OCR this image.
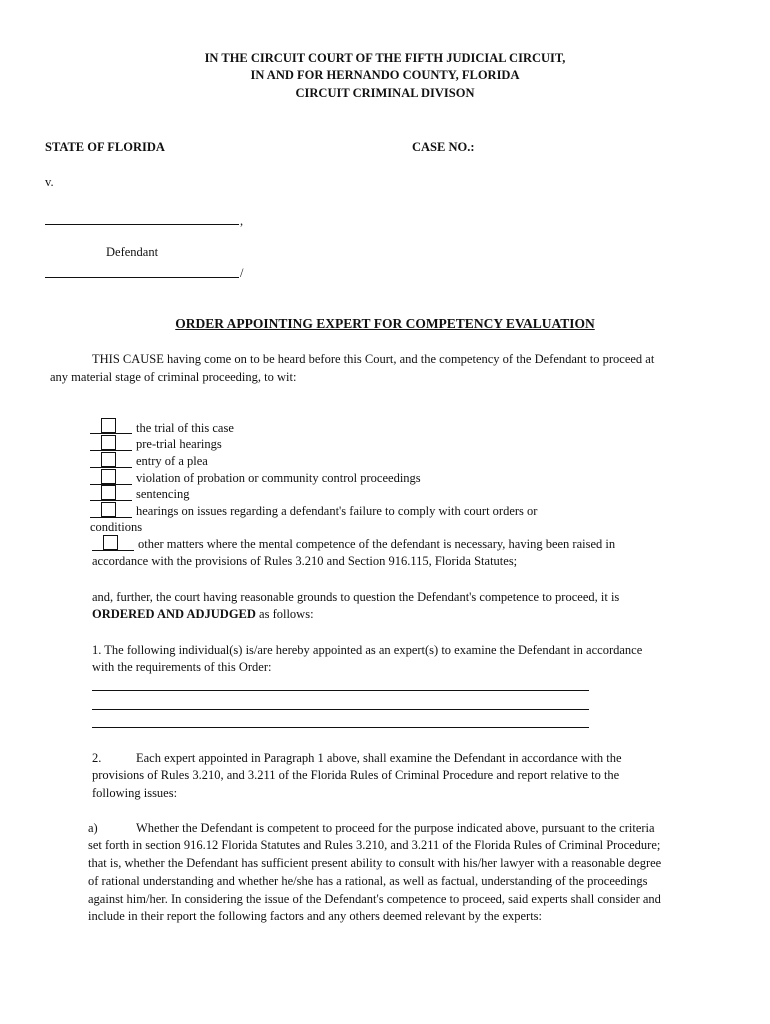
IN THE CIRCUIT COURT OF THE FIFTH JUDICIAL CIRCUIT,
IN AND FOR HERNANDO COUNTY, FLORIDA
CIRCUIT CRIMINAL DIVISON
STATE OF FLORIDA	CASE NO.:
v.
,
Defendant
/
ORDER APPOINTING EXPERT FOR COMPETENCY EVALUATION
THIS CAUSE having come on to be heard before this Court, and the competency of the Defendant to proceed at
any material stage of criminal proceeding, to wit:
the trial of this case
pre-trial hearings
entry of a plea
violation of probation or community control proceedings
sentencing
hearings on issues regarding a defendant's failure to comply with court orders or
conditions
other matters where the mental competence of the defendant is necessary, having been raised in
accordance with the provisions of Rules 3.210 and Section 916.115, Florida Statutes;
and, further, the court having reasonable grounds to question the Defendant's competence to proceed, it is
ORDERED AND ADJUDGED as follows:
1. The following individual(s) is/are hereby appointed as an expert(s) to examine the Defendant in accordance
with the requirements of this Order:
2.	Each expert appointed in Paragraph 1 above, shall examine the Defendant in accordance with the
provisions of Rules 3.210, and 3.211 of the Florida Rules of Criminal Procedure and report relative to the
following issues:
a)	Whether the Defendant is competent to proceed for the purpose indicated above, pursuant to the criteria
set forth in section 916.12 Florida Statutes and Rules 3.210, and 3.211 of the Florida Rules of Criminal Procedure;
that is, whether the Defendant has sufficient present ability to consult with his/her lawyer with a reasonable degree
of rational understanding and whether he/she has a rational, as well as factual, understanding of the proceedings
against him/her. In considering the issue of the Defendant's competence to proceed, said experts shall consider and
include in their report the following factors and any others deemed relevant by the experts:
